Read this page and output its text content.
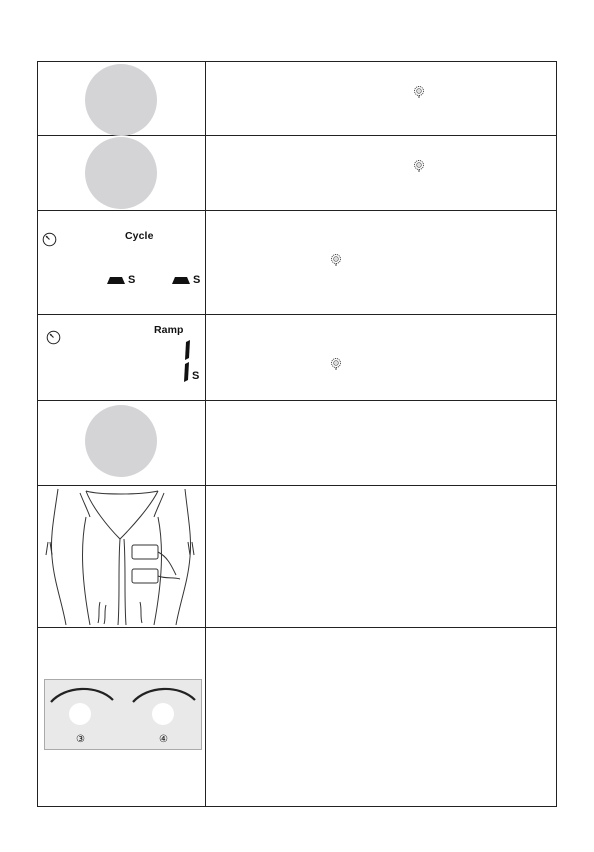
Cycle
S	S
Ramp
S
③	④
